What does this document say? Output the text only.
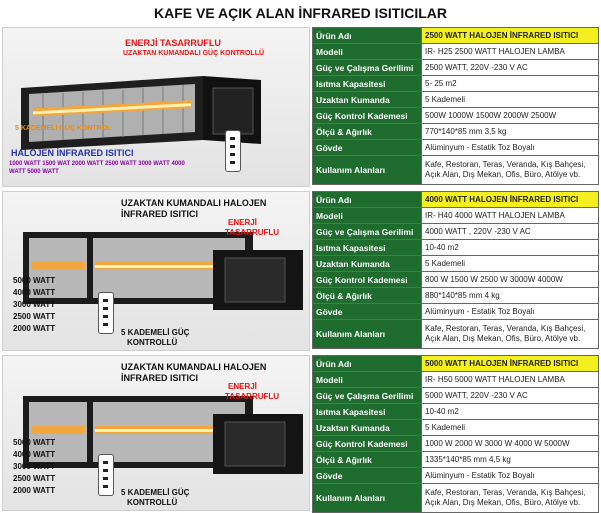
KAFE VE AÇIK ALAN İNFRARED ISITICILAR
ENERJİ TASARRUFLU
UZAKTAN KUMANDALI GÜÇ KONTROLLÜ
5 KADEMELİ GÜÇ KONTROL
HALOJEN İNFRARED ISITICI
1000 WATT 1500 WAT 2000 WATT 2500 WATT 3000 WATT 4000
WATT 5000 WATT
Ürün Adı	2500 WATT HALOJEN İNFRARED ISITICI
Modeli	IR- H25 2500 WATT HALOJEN LAMBA
Güç ve Çalışma Gerilimi	2500 WATT, 220V -230 V AC
Isıtma Kapasitesi	5- 25 m2
Uzaktan Kumanda	5 Kademeli
Güç Kontrol Kademesi	500W 1000W 1500W 2000W 2500W
Ölçü & Ağırlık	770*140*85 mm 3,5 kg
Gövde	Alüminyum - Estatik Toz Boyalı
Kullanım Alanları	Kafe, Restoran, Teras, Veranda, Kış Bahçesi, Açık Alan, Dış Mekan, Ofis, Büro, Atölye vb.
UZAKTAN KUMANDALI HALOJEN
İNFRARED ISITICI
ENERJİ
TASARRUFLU
5000 WATT
4000 WATT
3000 WATT
2500 WATT
2000 WATT	5 KADEMELİ GÜÇ
KONTROLLÜ
Ürün Adı	4000 WATT HALOJEN İNFRARED ISITICI
Modeli	IR- H40 4000 WATT HALOJEN LAMBA
Güç ve Çalışma Gerilimi	4000 WATT , 220V -230 V AC
Isıtma Kapasitesi	10-40 m2
Uzaktan Kumanda	5 Kademeli
Güç Kontrol Kademesi	800 W 1500 W 2500 W 3000W 4000W
Ölçü & Ağırlık	880*140*85 mm 4 kg
Gövde	Alüminyum - Estatik Toz Boyalı
Kullanım Alanları	Kafe, Restoran, Teras, Veranda, Kış Bahçesi, Açık Alan, Dış Mekan, Ofis, Büro, Atölye vb.
UZAKTAN KUMANDALI HALOJEN
İNFRARED ISITICI
ENERJİ
TASARRUFLU
5000 WATT
4000 WATT
3000 WATT
2500 WATT
2000 WATT	5 KADEMELİ GÜÇ
KONTROLLÜ
Ürün Adı	5000 WATT HALOJEN İNFRARED ISITICI
Modeli	IR- H50 5000 WATT HALOJEN LAMBA
Güç ve Çalışma Gerilimi	5000 WATT, 220V -230 V AC
Isıtma Kapasitesi	10-40 m2
Uzaktan Kumanda	5 Kademeli
Güç Kontrol Kademesi	1000 W 2000 W 3000 W 4000 W 5000W
Ölçü & Ağırlık	1335*140*85 mm 4,5 kg
Gövde	Alüminyum - Estatik Toz Boyalı
Kullanım Alanları	Kafe, Restoran, Teras, Veranda, Kış Bahçesi, Açık Alan, Dış Mekan, Ofis, Büro, Atölye vb.
